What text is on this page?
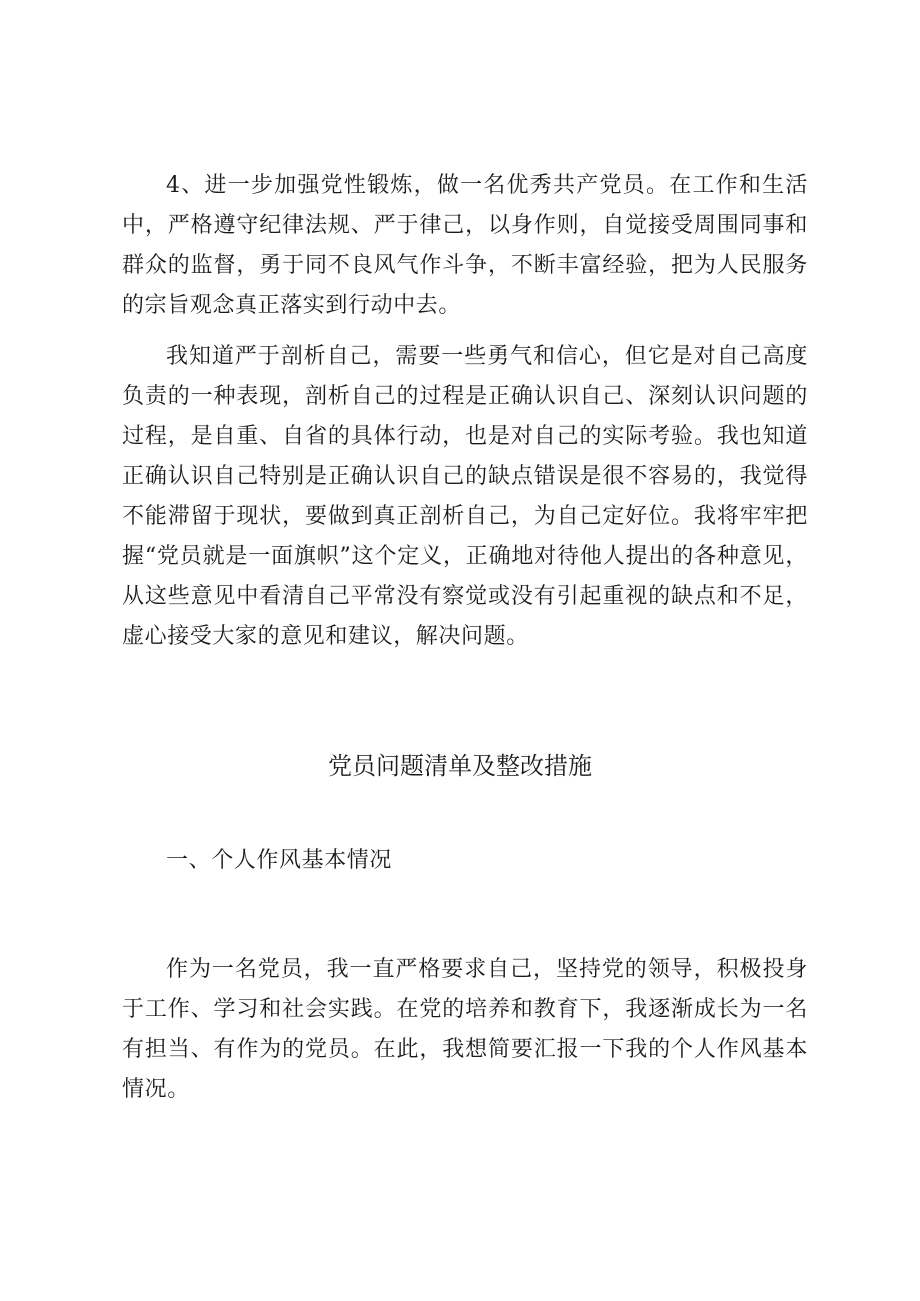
4、进一步加强党性锻炼，做一名优秀共产党员。在工作和生活中，严格遵守纪律法规、严于律己，以身作则，自觉接受周围同事和群众的监督，勇于同不良风气作斗争，不断丰富经验，把为人民服务的宗旨观念真正落实到行动中去。

我知道严于剖析自己，需要一些勇气和信心，但它是对自己高度负责的一种表现，剖析自己的过程是正确认识自己、深刻认识问题的过程，是自重、自省的具体行动，也是对自己的实际考验。我也知道正确认识自己特别是正确认识自己的缺点错误是很不容易的，我觉得不能滞留于现状，要做到真正剖析自己，为自己定好位。我将牢牢把握“党员就是一面旗帜”这个定义，正确地对待他人提出的各种意见，从这些意见中看清自己平常没有察觉或没有引起重视的缺点和不足，虚心接受大家的意见和建议，解决问题。

党员问题清单及整改措施
一、个人作风基本情况

作为一名党员，我一直严格要求自己，坚持党的领导，积极投身于工作、学习和社会实践。在党的培养和教育下，我逐渐成长为一名有担当、有作为的党员。在此，我想简要汇报一下我的个人作风基本情况。
